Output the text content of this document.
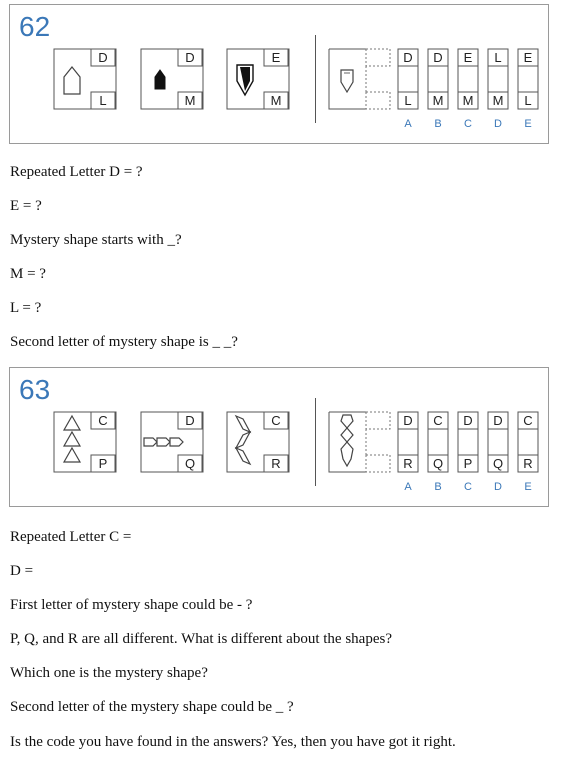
62
D
L
D
M
E
M
D
L
D
M
E
M
L
M
E
L
A	B	C	D	E
Repeated Letter D = ?
E = ?
Mystery shape starts with _?
M = ?
L = ?
Second letter of mystery shape is _ _?
63
C
P
D
Q
C
R
D
R
C
Q
D
P
D
Q
C
R
A	B	C	D	E
Repeated Letter C =
D =
First letter of mystery shape could be - ?
P, Q, and R are all different. What is different about the shapes?
Which one is the mystery shape?
Second letter of the mystery shape could be _ ?
Is the code you have found in the answers? Yes, then you have got it right.
